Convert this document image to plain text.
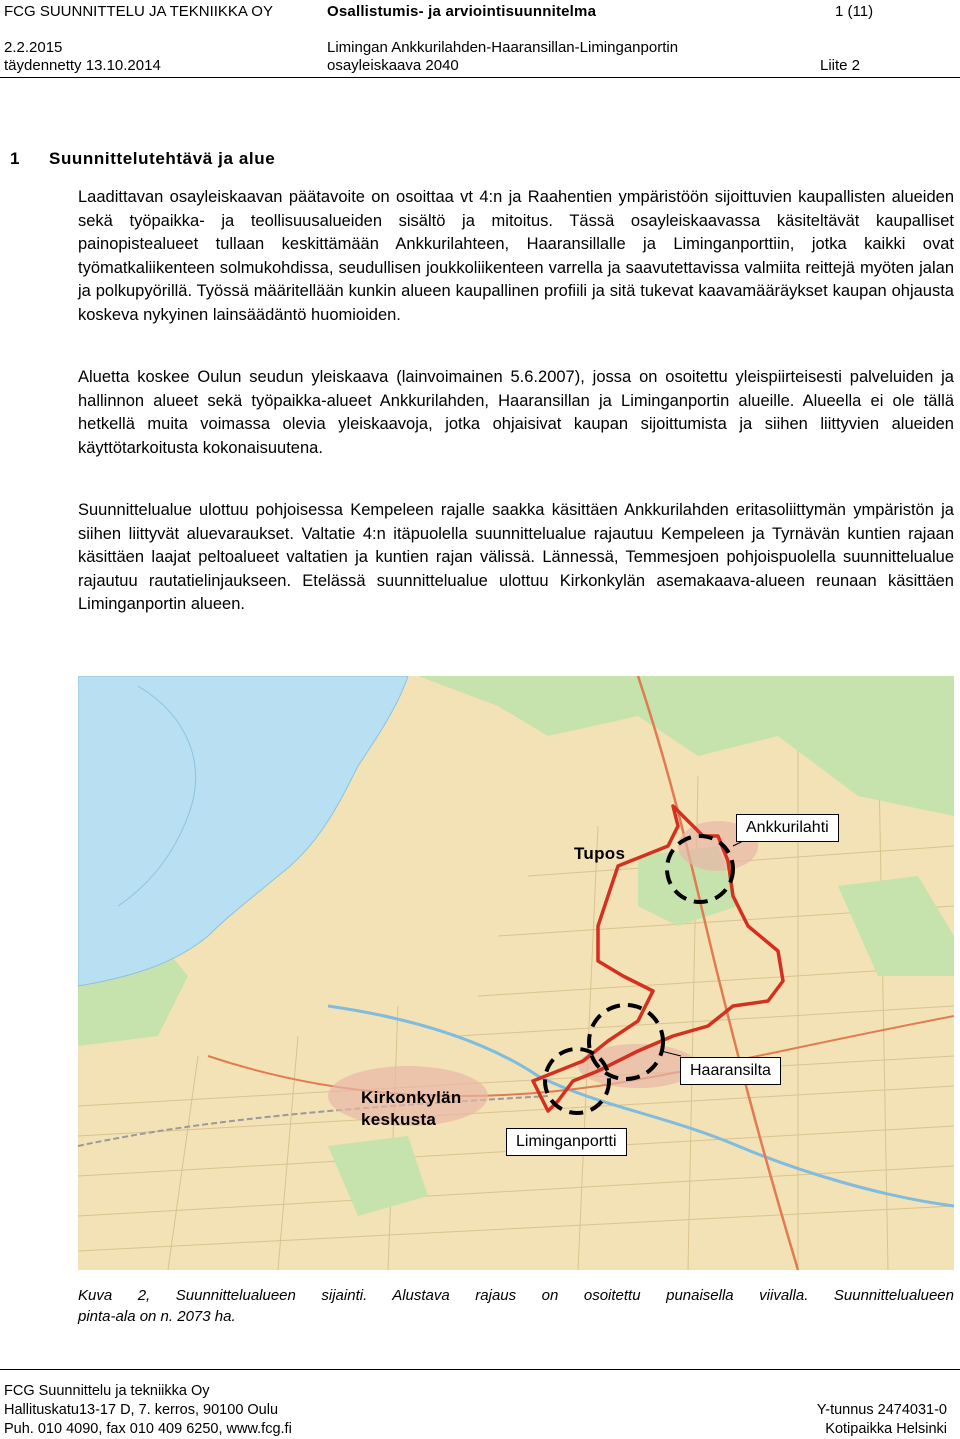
FCG SUUNNITTELU JA TEKNIIKKA OY	Osallistumis- ja arviointisuunnitelma	1 (11)
2.2.2015
täydennetty 13.10.2014
Limingan Ankkurilahden-Haaransillan-Liminganportin
osayleiskaava 2040	Liite 2
1 Suunnittelutehtävä ja alue
Laadittavan osayleiskaavan päätavoite on osoittaa vt 4:n ja Raahentien ympäristöön sijoittuvien kaupallisten alueiden sekä työpaikka- ja teollisuusalueiden sisältö ja mitoitus. Tässä osayleiskaavassa käsiteltävät kaupalliset painopistealueet tullaan keskittämään Ankkurilahteen, Haaransillalle ja Liminganporttiin, jotka kaikki ovat työmatkaliikenteen solmukohdissa, seudullisen joukkoliikenteen varrella ja saavutettavissa valmiita reittejä myöten jalan ja polkupyörillä. Työssä määritellään kunkin alueen kaupallinen profiili ja sitä tukevat kaavamääräykset kaupan ohjausta koskeva nykyinen lainsäädäntö huomioiden.
Aluetta koskee Oulun seudun yleiskaava (lainvoimainen 5.6.2007), jossa on osoitettu yleispiirteisesti palveluiden ja hallinnon alueet sekä työpaikka-alueet Ankkurilahden, Haaransillan ja Liminganportin alueille. Alueella ei ole tällä hetkellä muita voimassa olevia yleiskaavoja, jotka ohjaisivat kaupan sijoittumista ja siihen liittyvien alueiden käyttötarkoitusta kokonaisuutena.
Suunnittelualue ulottuu pohjoisessa Kempeleen rajalle saakka käsittäen Ankkurilahden eritasoliittymän ympäristön ja siihen liittyvät aluevaraukset. Valtatie 4:n itäpuolella suunnittelualue rajautuu Kempeleen ja Tyrnävän kuntien rajaan käsittäen laajat peltoalueet valtatien ja kuntien rajan välissä. Lännessä, Temmesjoen pohjoispuolella suunnittelualue rajautuu rautatielinjaukseen. Etelässä suunnittelualue ulottuu Kirkonkylän asemakaava-alueen reunaan käsittäen Liminganportin alueen.
Ankkurilahti
Tupos
Haaransilta
Kirkonkylän
keskusta
Liminganportti
Kuva 2, Suunnittelualueen sijainti. Alustava rajaus on osoitettu punaisella viivalla. Suunnittelualueen
pinta-ala on n. 2073 ha.
FCG Suunnittelu ja tekniikka Oy
Hallituskatu13-17 D, 7. kerros, 90100 Oulu
Puh. 010 4090, fax 010 409 6250, www.fcg.fi
Y-tunnus 2474031-0
Kotipaikka Helsinki
